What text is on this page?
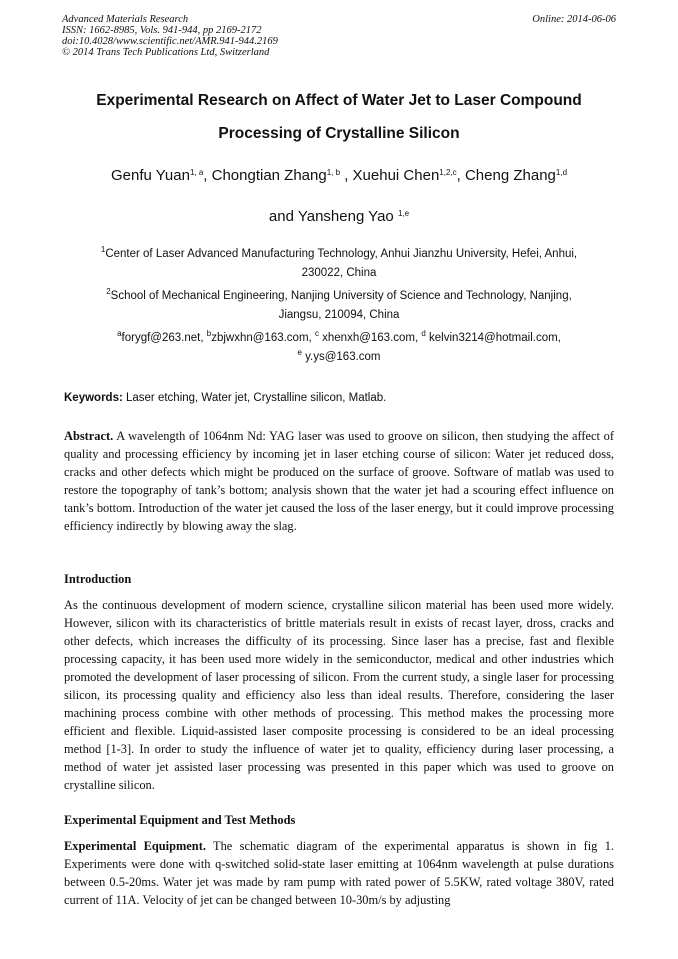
Advanced Materials Research
ISSN: 1662-8985, Vols. 941-944, pp 2169-2172
doi:10.4028/www.scientific.net/AMR.941-944.2169
© 2014 Trans Tech Publications Ltd, Switzerland
Online: 2014-06-06
Experimental Research on Affect of Water Jet to Laser Compound
Processing of Crystalline Silicon
Genfu Yuan$^{1, a}$, Chongtian Zhang$^{1, b}$ , Xuehui Chen$^{1,2,c}$, Cheng Zhang$^{1,d}$
and Yansheng Yao $^{1,e}$
$^1$Center of Laser Advanced Manufacturing Technology, Anhui Jianzhu University, Hefei, Anhui,
230022, China
$^2$School of Mechanical Engineering, Nanjing University of Science and Technology, Nanjing,
Jiangsu, 210094, China
$^a$forygf@263.net, $^b$zbjwxhn@163.com, $^c$ xhenxh@163.com, $^d$ kelvin3214@hotmail.com,
$^e$ y.ys@163.com
Keywords: Laser etching, Water jet, Crystalline silicon, Matlab.
Abstract. A wavelength of 1064nm Nd: YAG laser was used to groove on silicon, then studying the affect of quality and processing efficiency by incoming jet in laser etching course of silicon: Water jet reduced doss, cracks and other defects which might be produced on the surface of groove. Software of matlab was used to restore the topography of tank’s bottom; analysis shown that the water jet had a scouring effect influence on tank’s bottom. Introduction of the water jet caused the loss of the laser energy, but it could improve processing efficiency indirectly by blowing away the slag.
Introduction
As the continuous development of modern science, crystalline silicon material has been used more widely. However, silicon with its characteristics of brittle materials result in exists of recast layer, dross, cracks and other defects, which increases the difficulty of its processing. Since laser has a precise, fast and flexible processing capacity, it has been used more widely in the semiconductor, medical and other industries which promoted the development of laser processing of silicon. From the current study, a single laser for processing silicon, its processing quality and efficiency also less than ideal results. Therefore, considering the laser machining process combine with other methods of processing. This method makes the processing more efficient and flexible. Liquid-assisted laser composite processing is considered to be an ideal processing method [1-3]. In order to study the influence of water jet to quality, efficiency during laser processing, a method of water jet assisted laser processing was presented in this paper which was used to groove on crystalline silicon.
Experimental Equipment and Test Methods
Experimental Equipment. The schematic diagram of the experimental apparatus is shown in fig 1. Experiments were done with q-switched solid-state laser emitting at 1064nm wavelength at pulse durations between 0.5-20ms. Water jet was made by ram pump with rated power of 5.5KW, rated voltage 380V, rated current of 11A. Velocity of jet can be changed between 10-30m/s by adjusting
